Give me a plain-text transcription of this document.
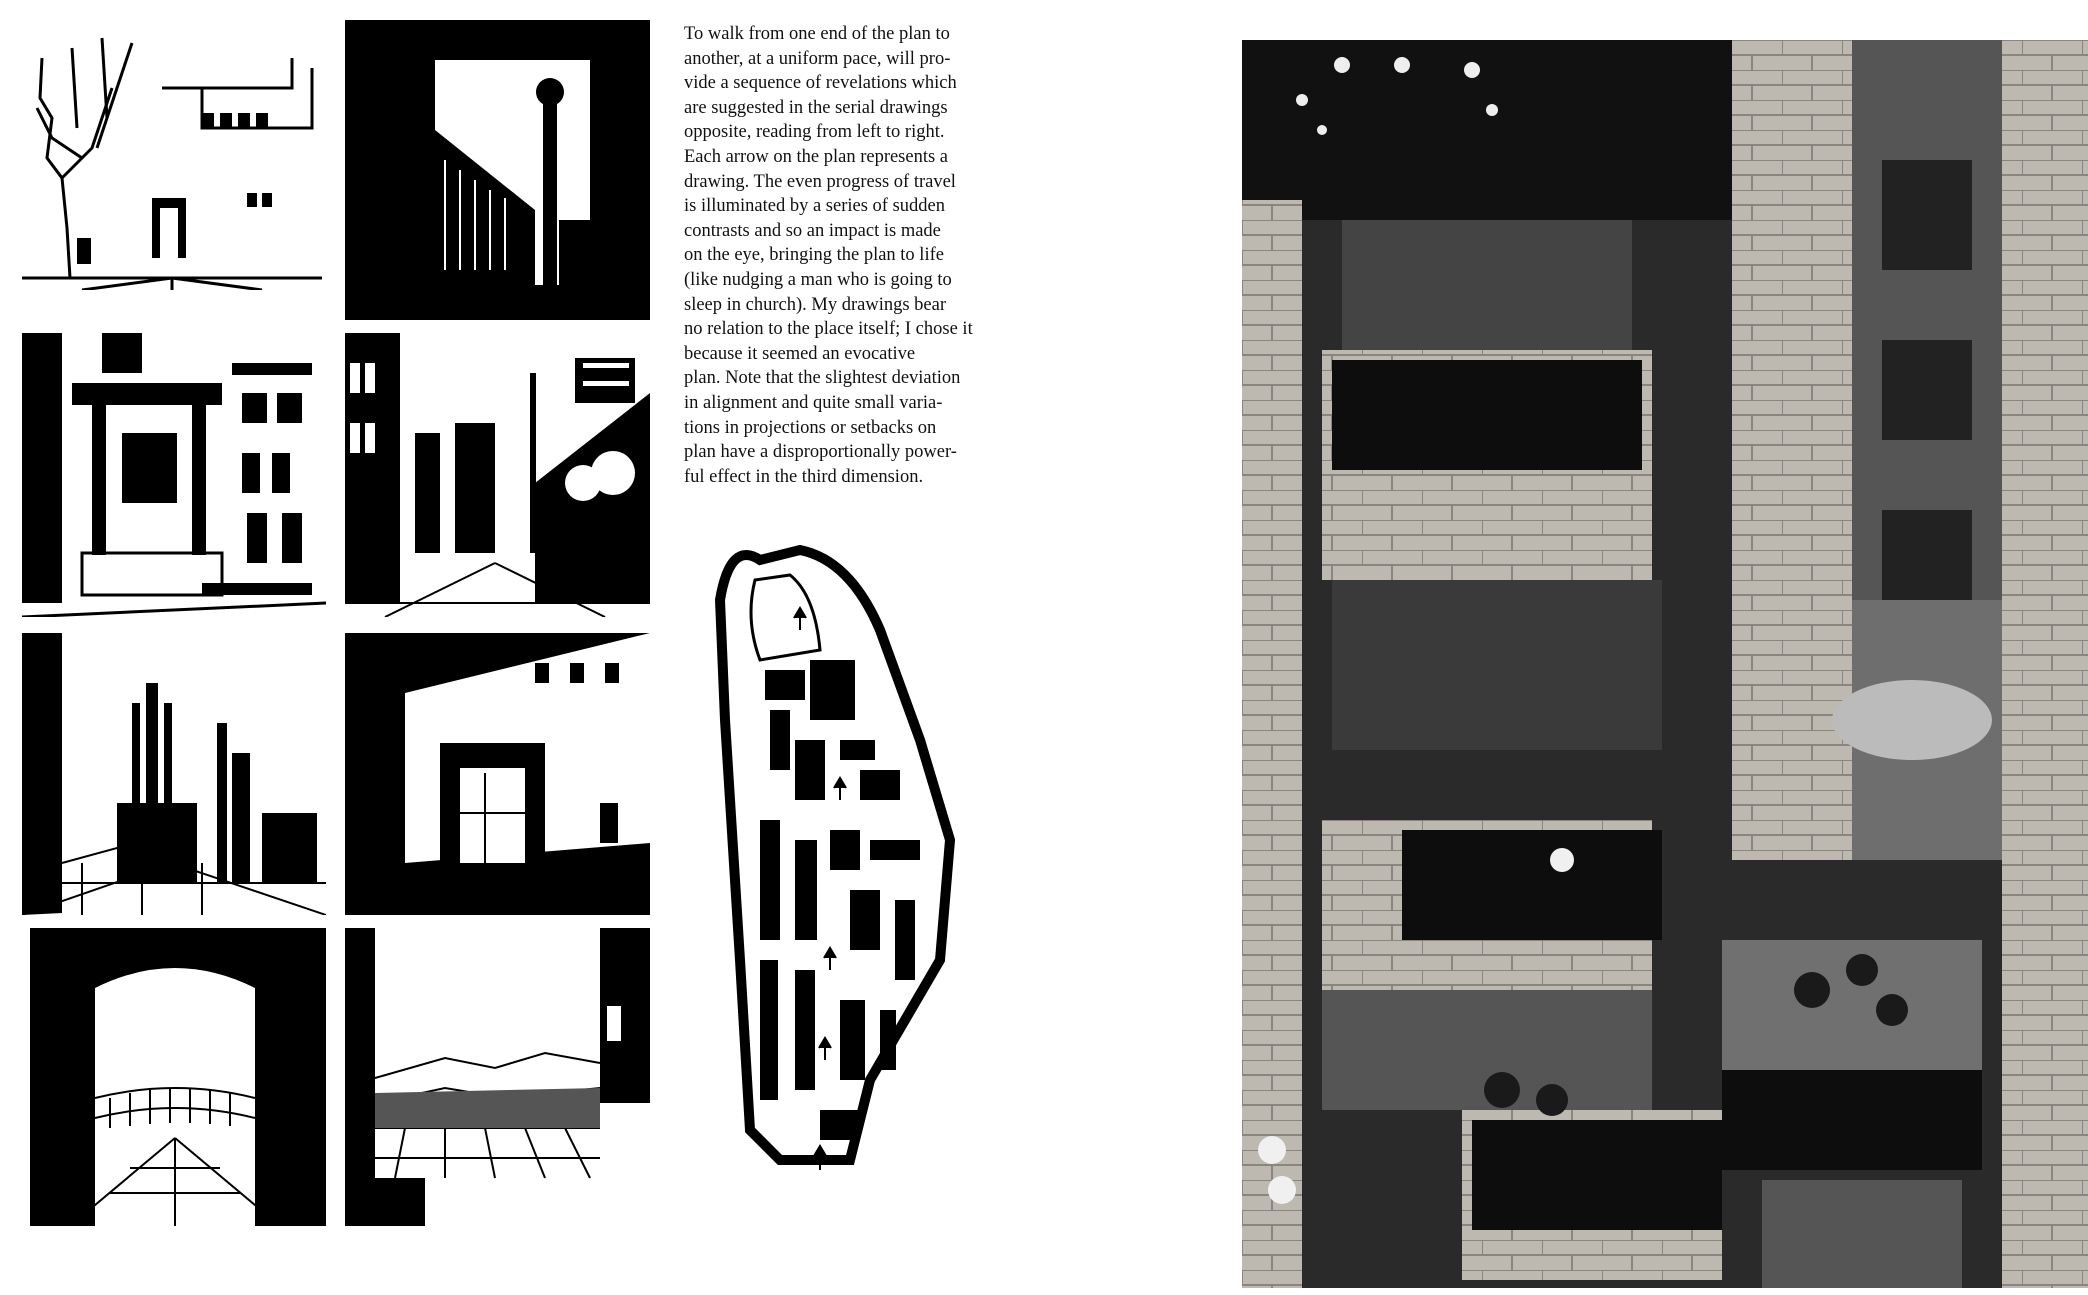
To walk from one end of the plan to
another, at a uniform pace, will pro-
vide a sequence of revelations which
are suggested in the serial drawings
opposite, reading from left to right.
Each arrow on the plan represents a
drawing. The even progress of travel
is illuminated by a series of sudden
contrasts and so an impact is made
on the eye, bringing the plan to life
(like nudging a man who is going to
sleep in church). My drawings bear
no relation to the place itself; I chose it
because it seemed an evocative
plan. Note that the slightest deviation
in alignment and quite small varia-
tions in projections or setbacks on
plan have a disproportionally power-
ful effect in the third dimension.
